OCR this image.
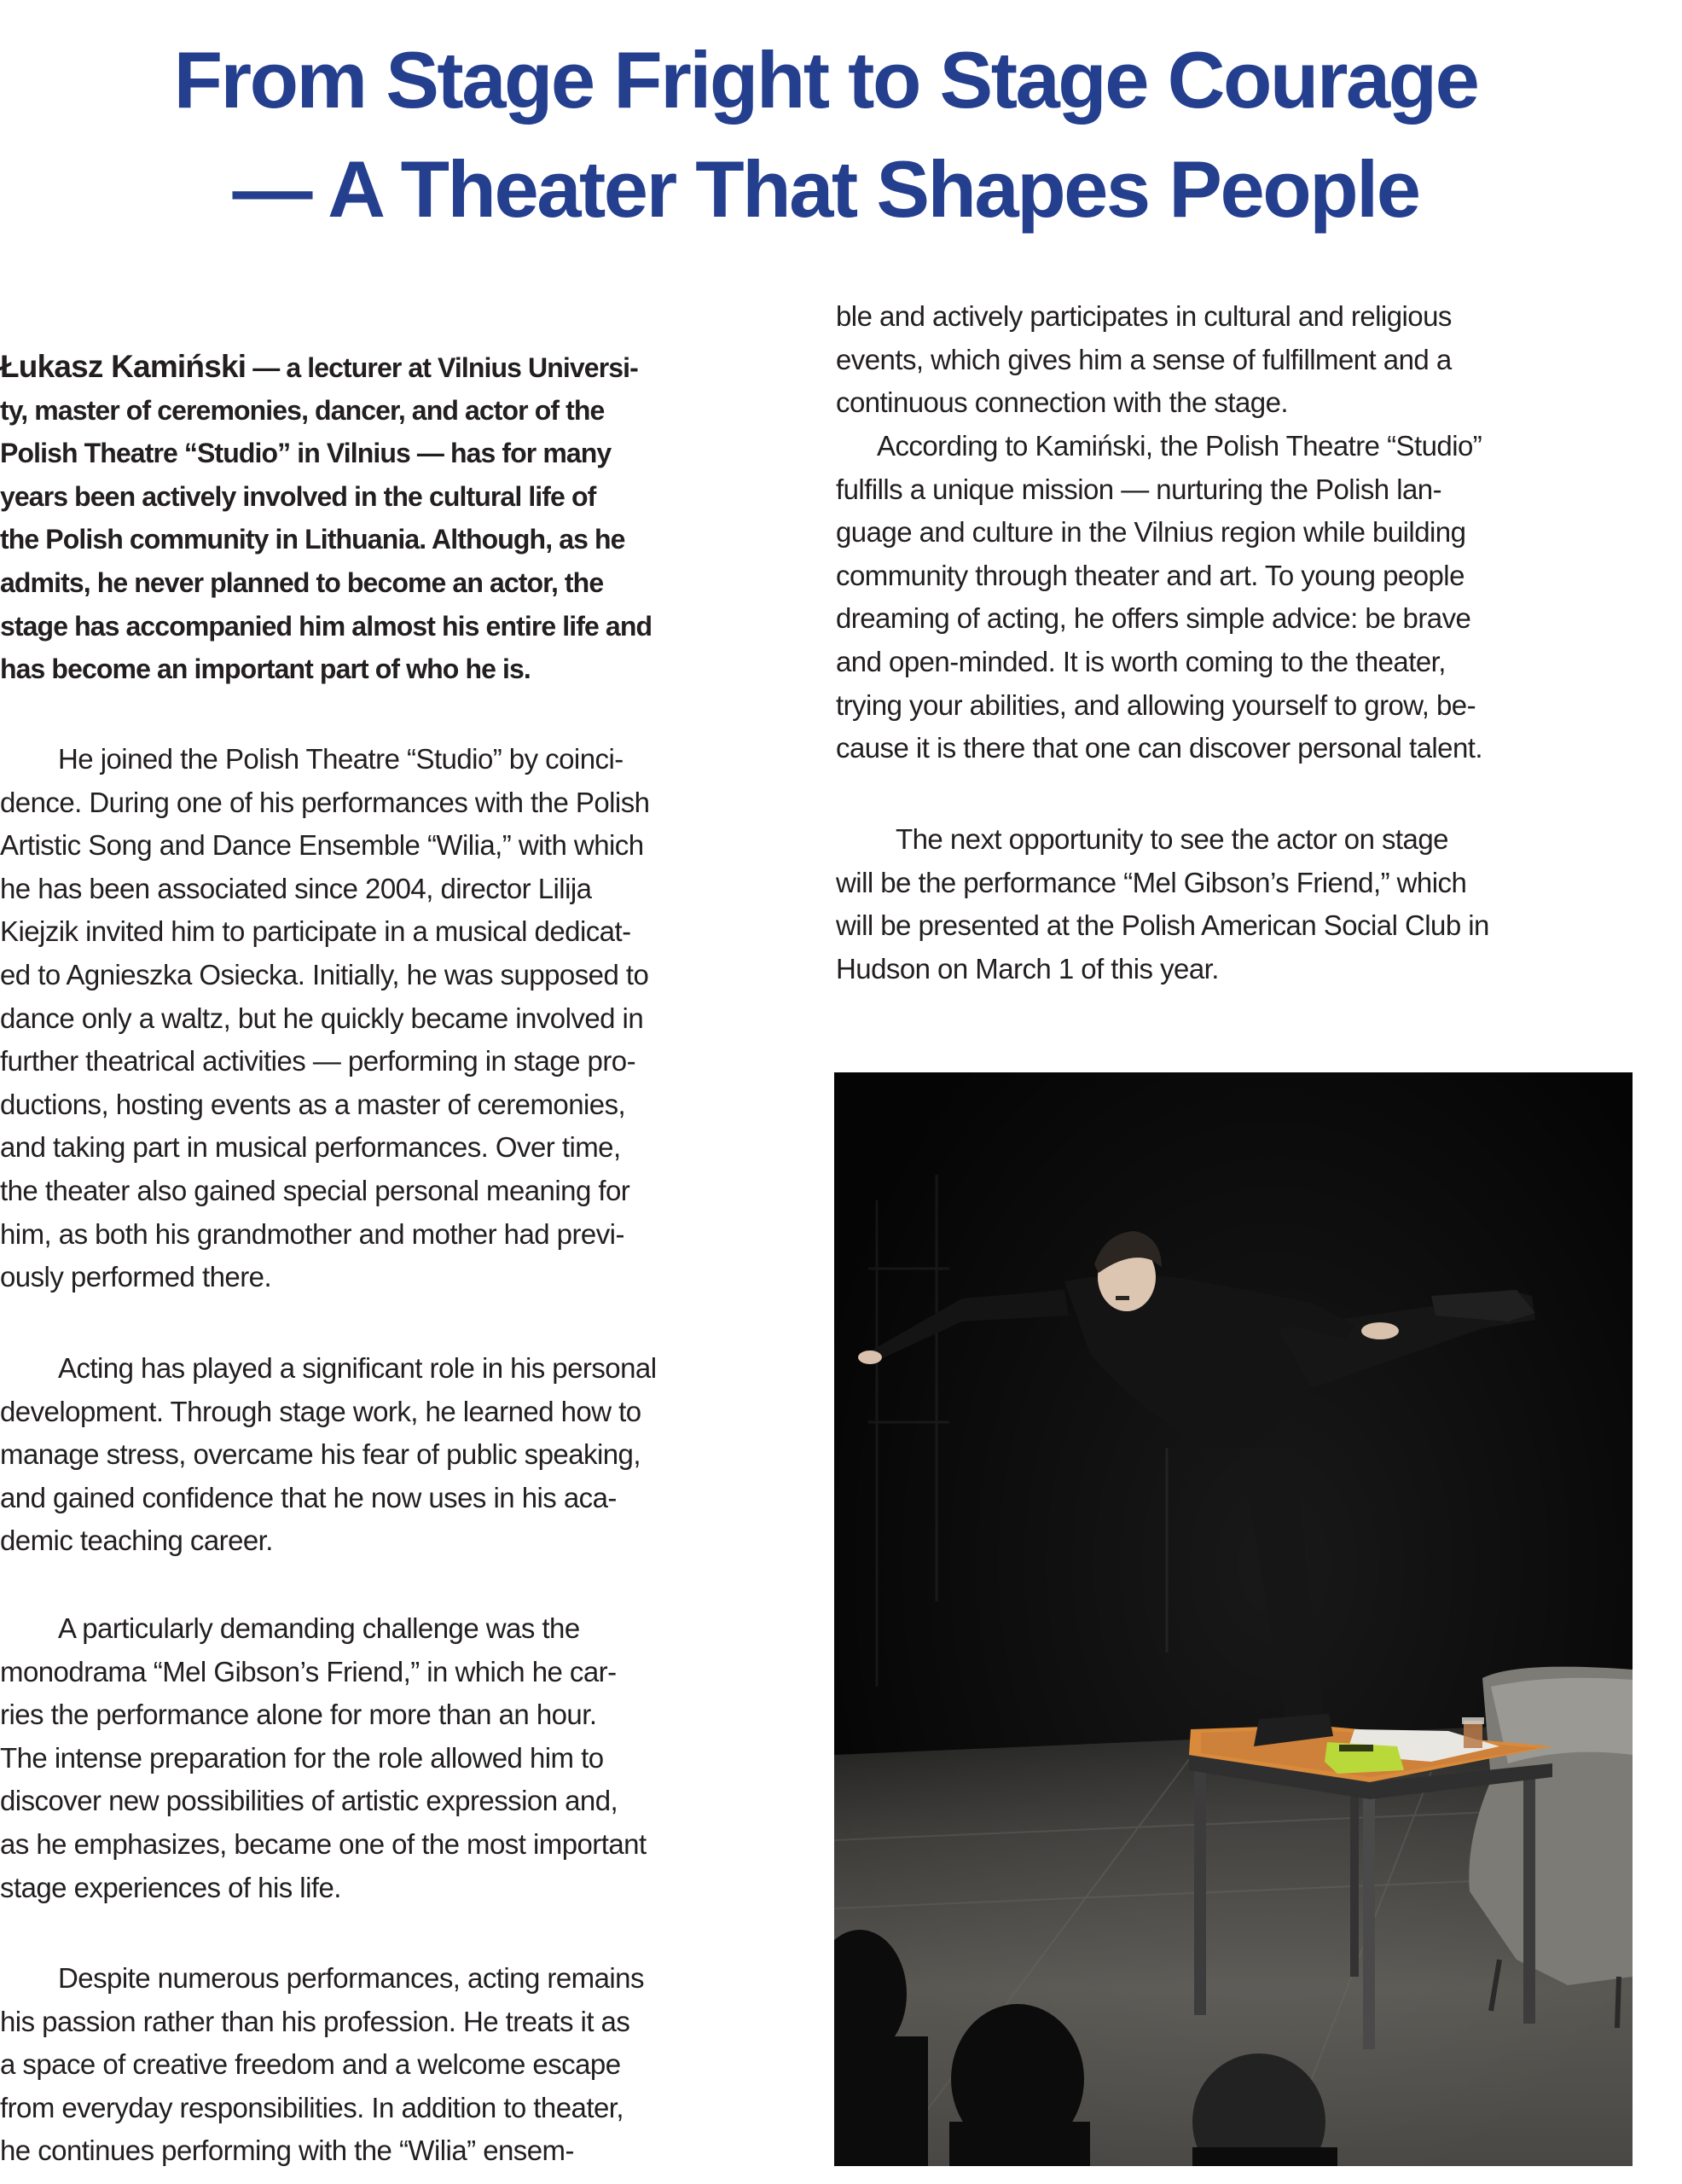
From Stage Fright to Stage Courage
— A Theater That Shapes People
Łukasz Kamiński — a lecturer at Vilnius Universi-
ty, master of ceremonies, dancer, and actor of the
Polish Theatre “Studio” in Vilnius — has for many
years been actively involved in the cultural life of
the Polish community in Lithuania. Although, as he
admits, he never planned to become an actor, the
stage has accompanied him almost his entire life and
has become an important part of who he is.
He joined the Polish Theatre “Studio” by coinci-
dence. During one of his performances with the Polish
Artistic Song and Dance Ensemble “Wilia,” with which
he has been associated since 2004, director Lilija
Kiejzik invited him to participate in a musical dedicat-
ed to Agnieszka Osiecka. Initially, he was supposed to
dance only a waltz, but he quickly became involved in
further theatrical activities — performing in stage pro-
ductions, hosting events as a master of ceremonies,
and taking part in musical performances. Over time,
the theater also gained special personal meaning for
him, as both his grandmother and mother had previ-
ously performed there.
Acting has played a significant role in his personal
development. Through stage work, he learned how to
manage stress, overcame his fear of public speaking,
and gained confidence that he now uses in his aca-
demic teaching career.
A particularly demanding challenge was the
monodrama “Mel Gibson’s Friend,” in which he car-
ries the performance alone for more than an hour.
The intense preparation for the role allowed him to
discover new possibilities of artistic expression and,
as he emphasizes, became one of the most important
stage experiences of his life.
Despite numerous performances, acting remains
his passion rather than his profession. He treats it as
a space of creative freedom and a welcome escape
from everyday responsibilities. In addition to theater,
he continues performing with the “Wilia” ensem-
ble and actively participates in cultural and religious
events, which gives him a sense of fulfillment and a
continuous connection with the stage.
According to Kamiński, the Polish Theatre “Studio”
fulfills a unique mission — nurturing the Polish lan-
guage and culture in the Vilnius region while building
community through theater and art. To young people
dreaming of acting, he offers simple advice: be brave
and open-minded. It is worth coming to the theater,
trying your abilities, and allowing yourself to grow, be-
cause it is there that one can discover personal talent.
The next opportunity to see the actor on stage
will be the performance “Mel Gibson’s Friend,” which
will be presented at the Polish American Social Club in
Hudson on March 1 of this year.
